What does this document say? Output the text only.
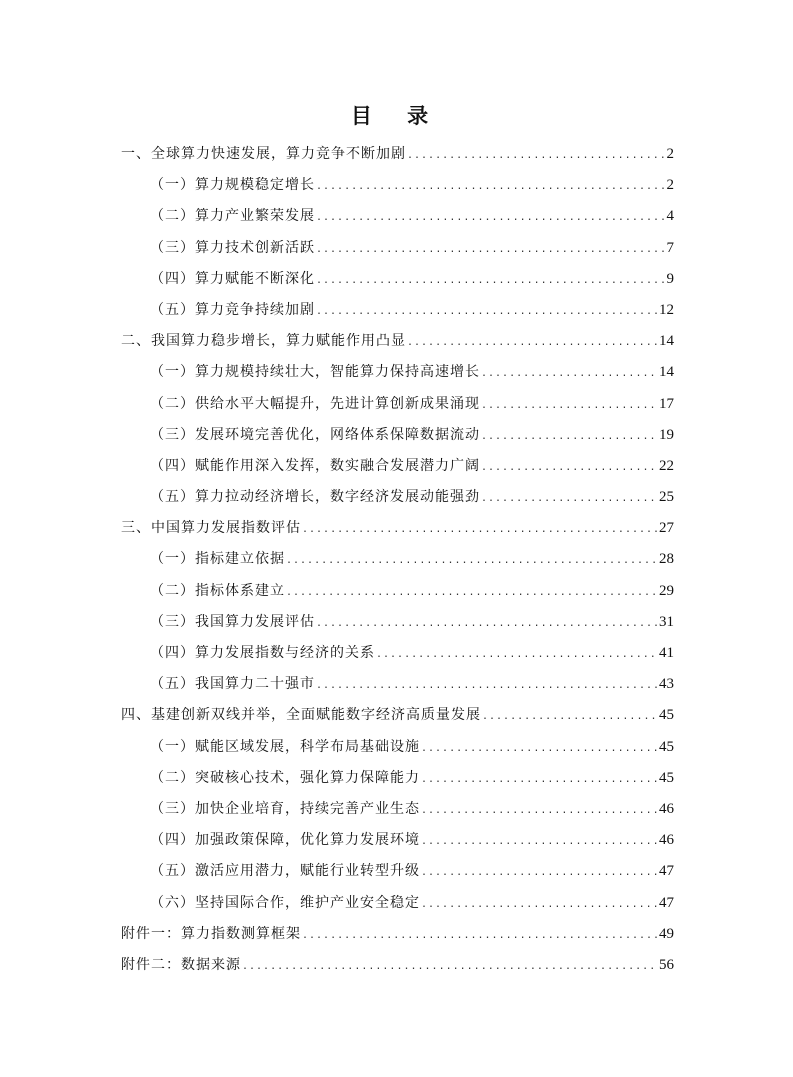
目 录
一、全球算力快速发展，算力竞争不断加剧 .....	2
（一）算力规模稳定增长 .....	2
（二）算力产业繁荣发展 .....	4
（三）算力技术创新活跃 .....	7
（四）算力赋能不断深化 .....	9
（五）算力竞争持续加剧 .....	12
二、我国算力稳步增长，算力赋能作用凸显 .....	14
（一）算力规模持续壮大，智能算力保持高速增长 .....	14
（二）供给水平大幅提升，先进计算创新成果涌现 .....	17
（三）发展环境完善优化，网络体系保障数据流动 .....	19
（四）赋能作用深入发挥，数实融合发展潜力广阔 .....	22
（五）算力拉动经济增长，数字经济发展动能强劲 .....	25
三、中国算力发展指数评估 .....	27
（一）指标建立依据 .....	28
（二）指标体系建立 .....	29
（三）我国算力发展评估 .....	31
（四）算力发展指数与经济的关系 .....	41
（五）我国算力二十强市 .....	43
四、基建创新双线并举，全面赋能数字经济高质量发展 .....	45
（一）赋能区域发展，科学布局基础设施 .....	45
（二）突破核心技术，强化算力保障能力 .....	45
（三）加快企业培育，持续完善产业生态 .....	46
（四）加强政策保障，优化算力发展环境 .....	46
（五）激活应用潜力，赋能行业转型升级 .....	47
（六）坚持国际合作，维护产业安全稳定 .....	47
附件一：算力指数测算框架 .....	49
附件二：数据来源 .....	56
